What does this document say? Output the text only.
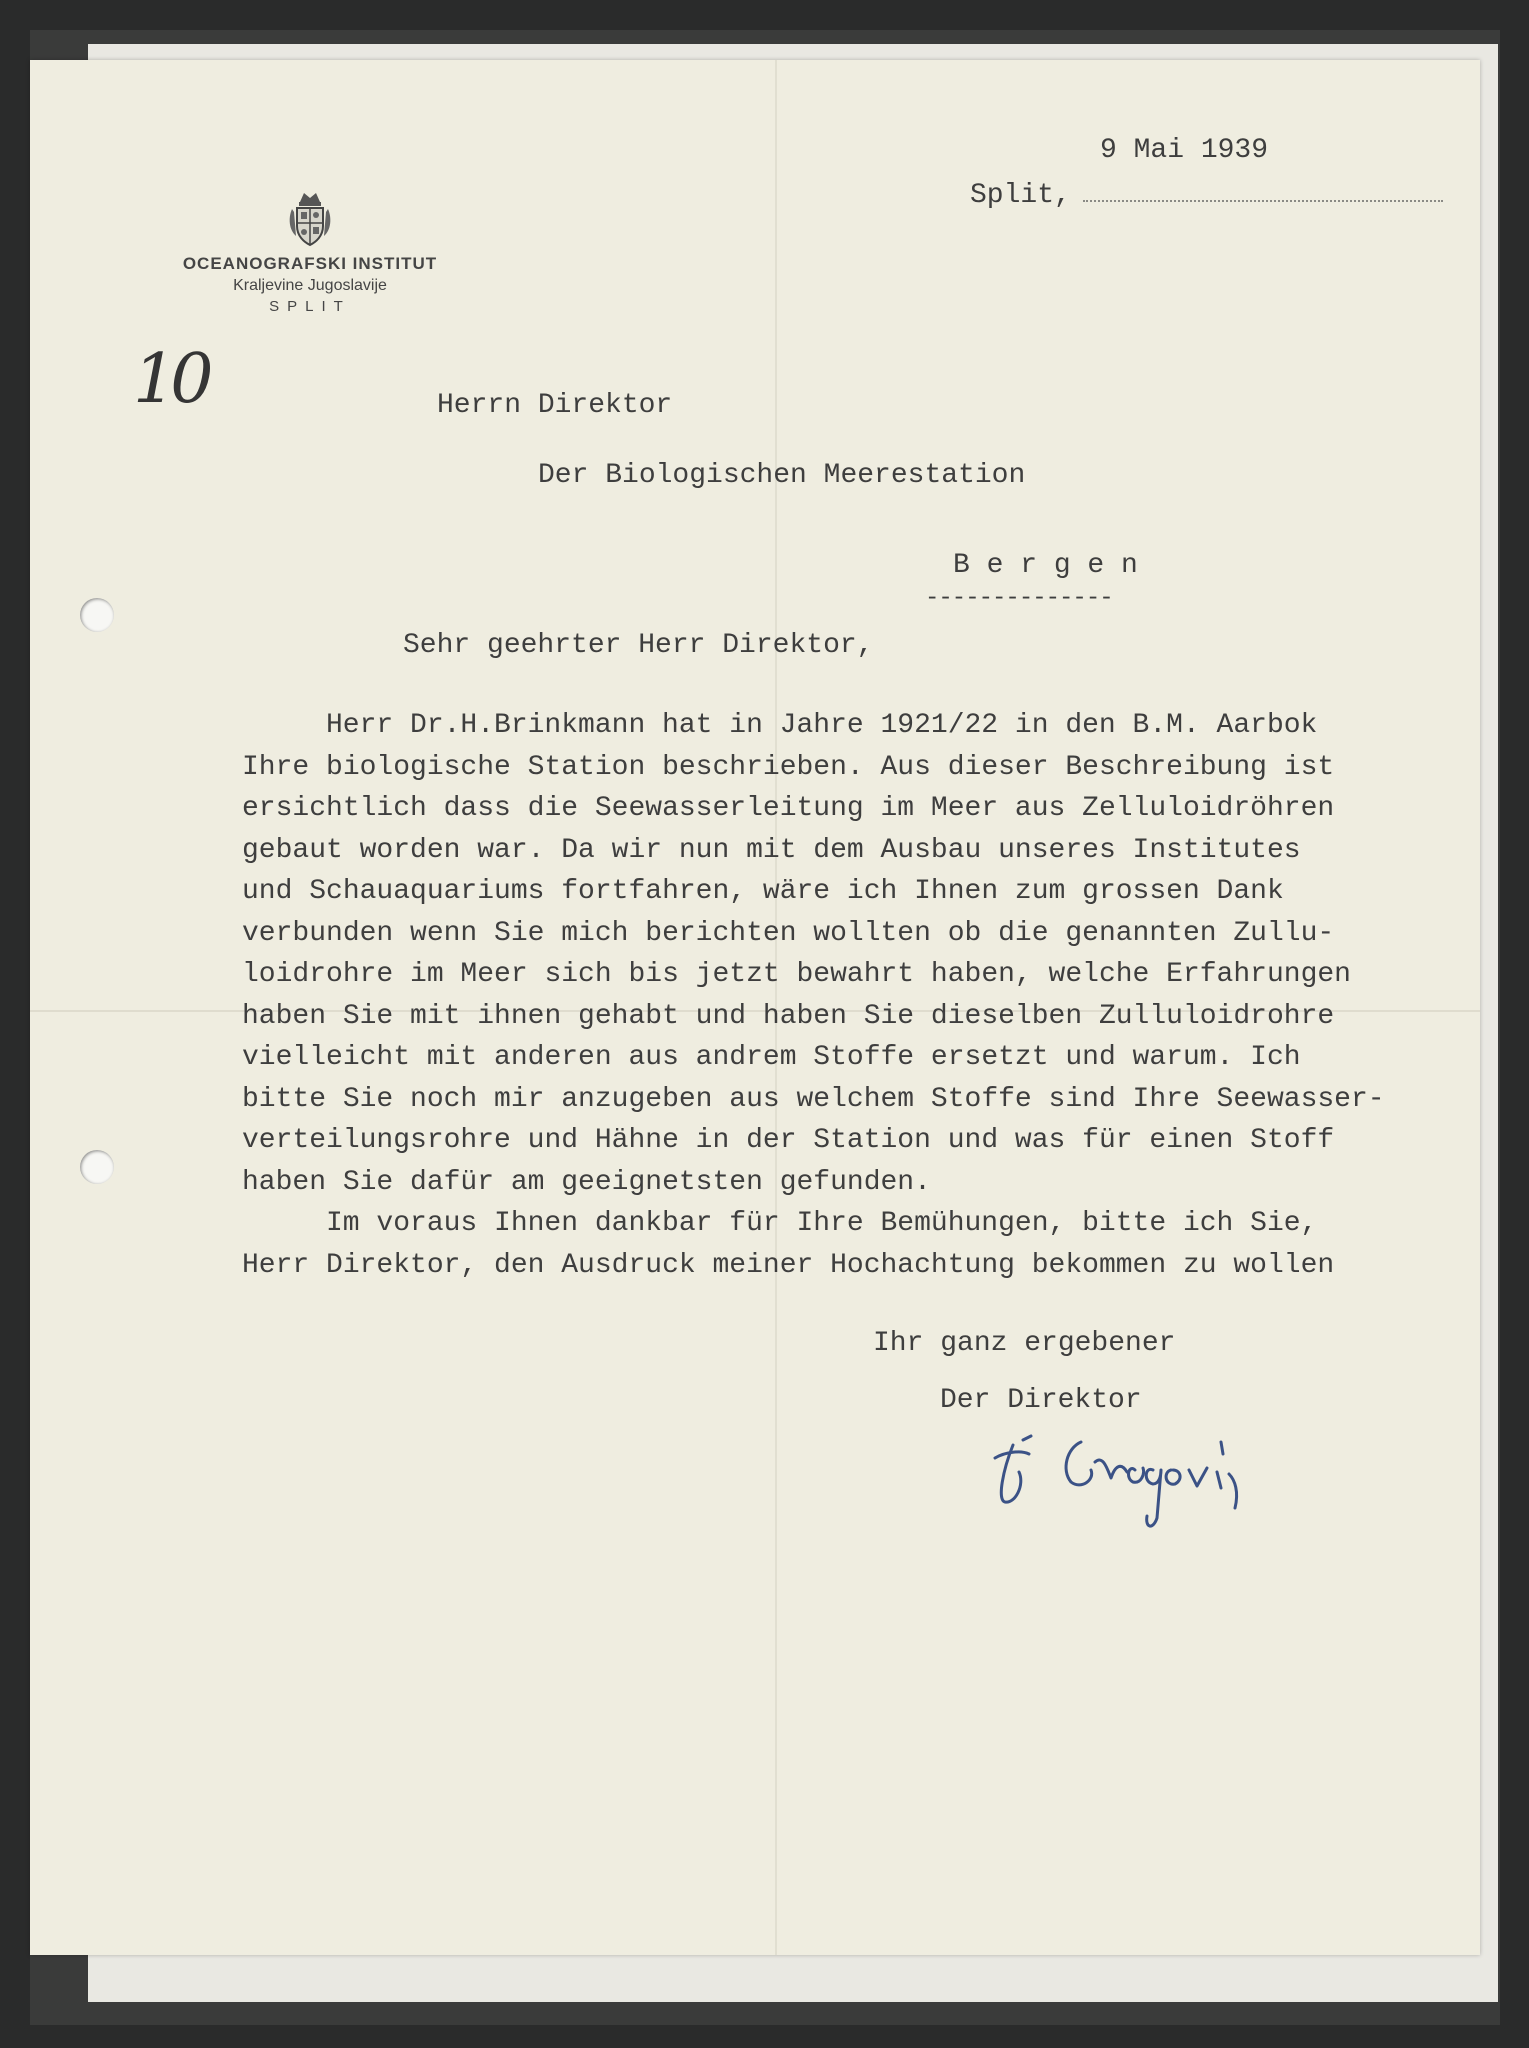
OCEANOGRAFSKI INSTITUT
Kraljevine Jugoslavije
SPLIT
10
9 Mai 1939
Split,
Herrn Direktor
Der Biologischen Meerestation
B e r g e n
--------------
Sehr geehrter Herr Direktor,
Herr Dr.H.Brinkmann hat in Jahre 1921/22 in den B.M. Aarbok
Ihre biologische Station beschrieben. Aus dieser Beschreibung ist
ersichtlich dass die Seewasserleitung im Meer aus Zelluloidröhren
gebaut worden war. Da wir nun mit dem Ausbau unseres Institutes
und Schauaquariums fortfahren, wäre ich Ihnen zum grossen Dank
verbunden wenn Sie mich berichten wollten ob die genannten Zullu-
loidrohre im Meer sich bis jetzt bewahrt haben, welche Erfahrungen
haben Sie mit ihnen gehabt und haben Sie dieselben Zulluloidrohre
vielleicht mit anderen aus andrem Stoffe ersetzt und warum. Ich
bitte Sie noch mir anzugeben aus welchem Stoffe sind Ihre Seewasser-
verteilungsrohre und Hähne in der Station und was für einen Stoff
haben Sie dafür am geeignetsten gefunden.
Im voraus Ihnen dankbar für Ihre Bemühungen, bitte ich Sie,
Herr Direktor, den Ausdruck meiner Hochachtung bekommen zu wollen
Ihr ganz ergebener
Der Direktor
